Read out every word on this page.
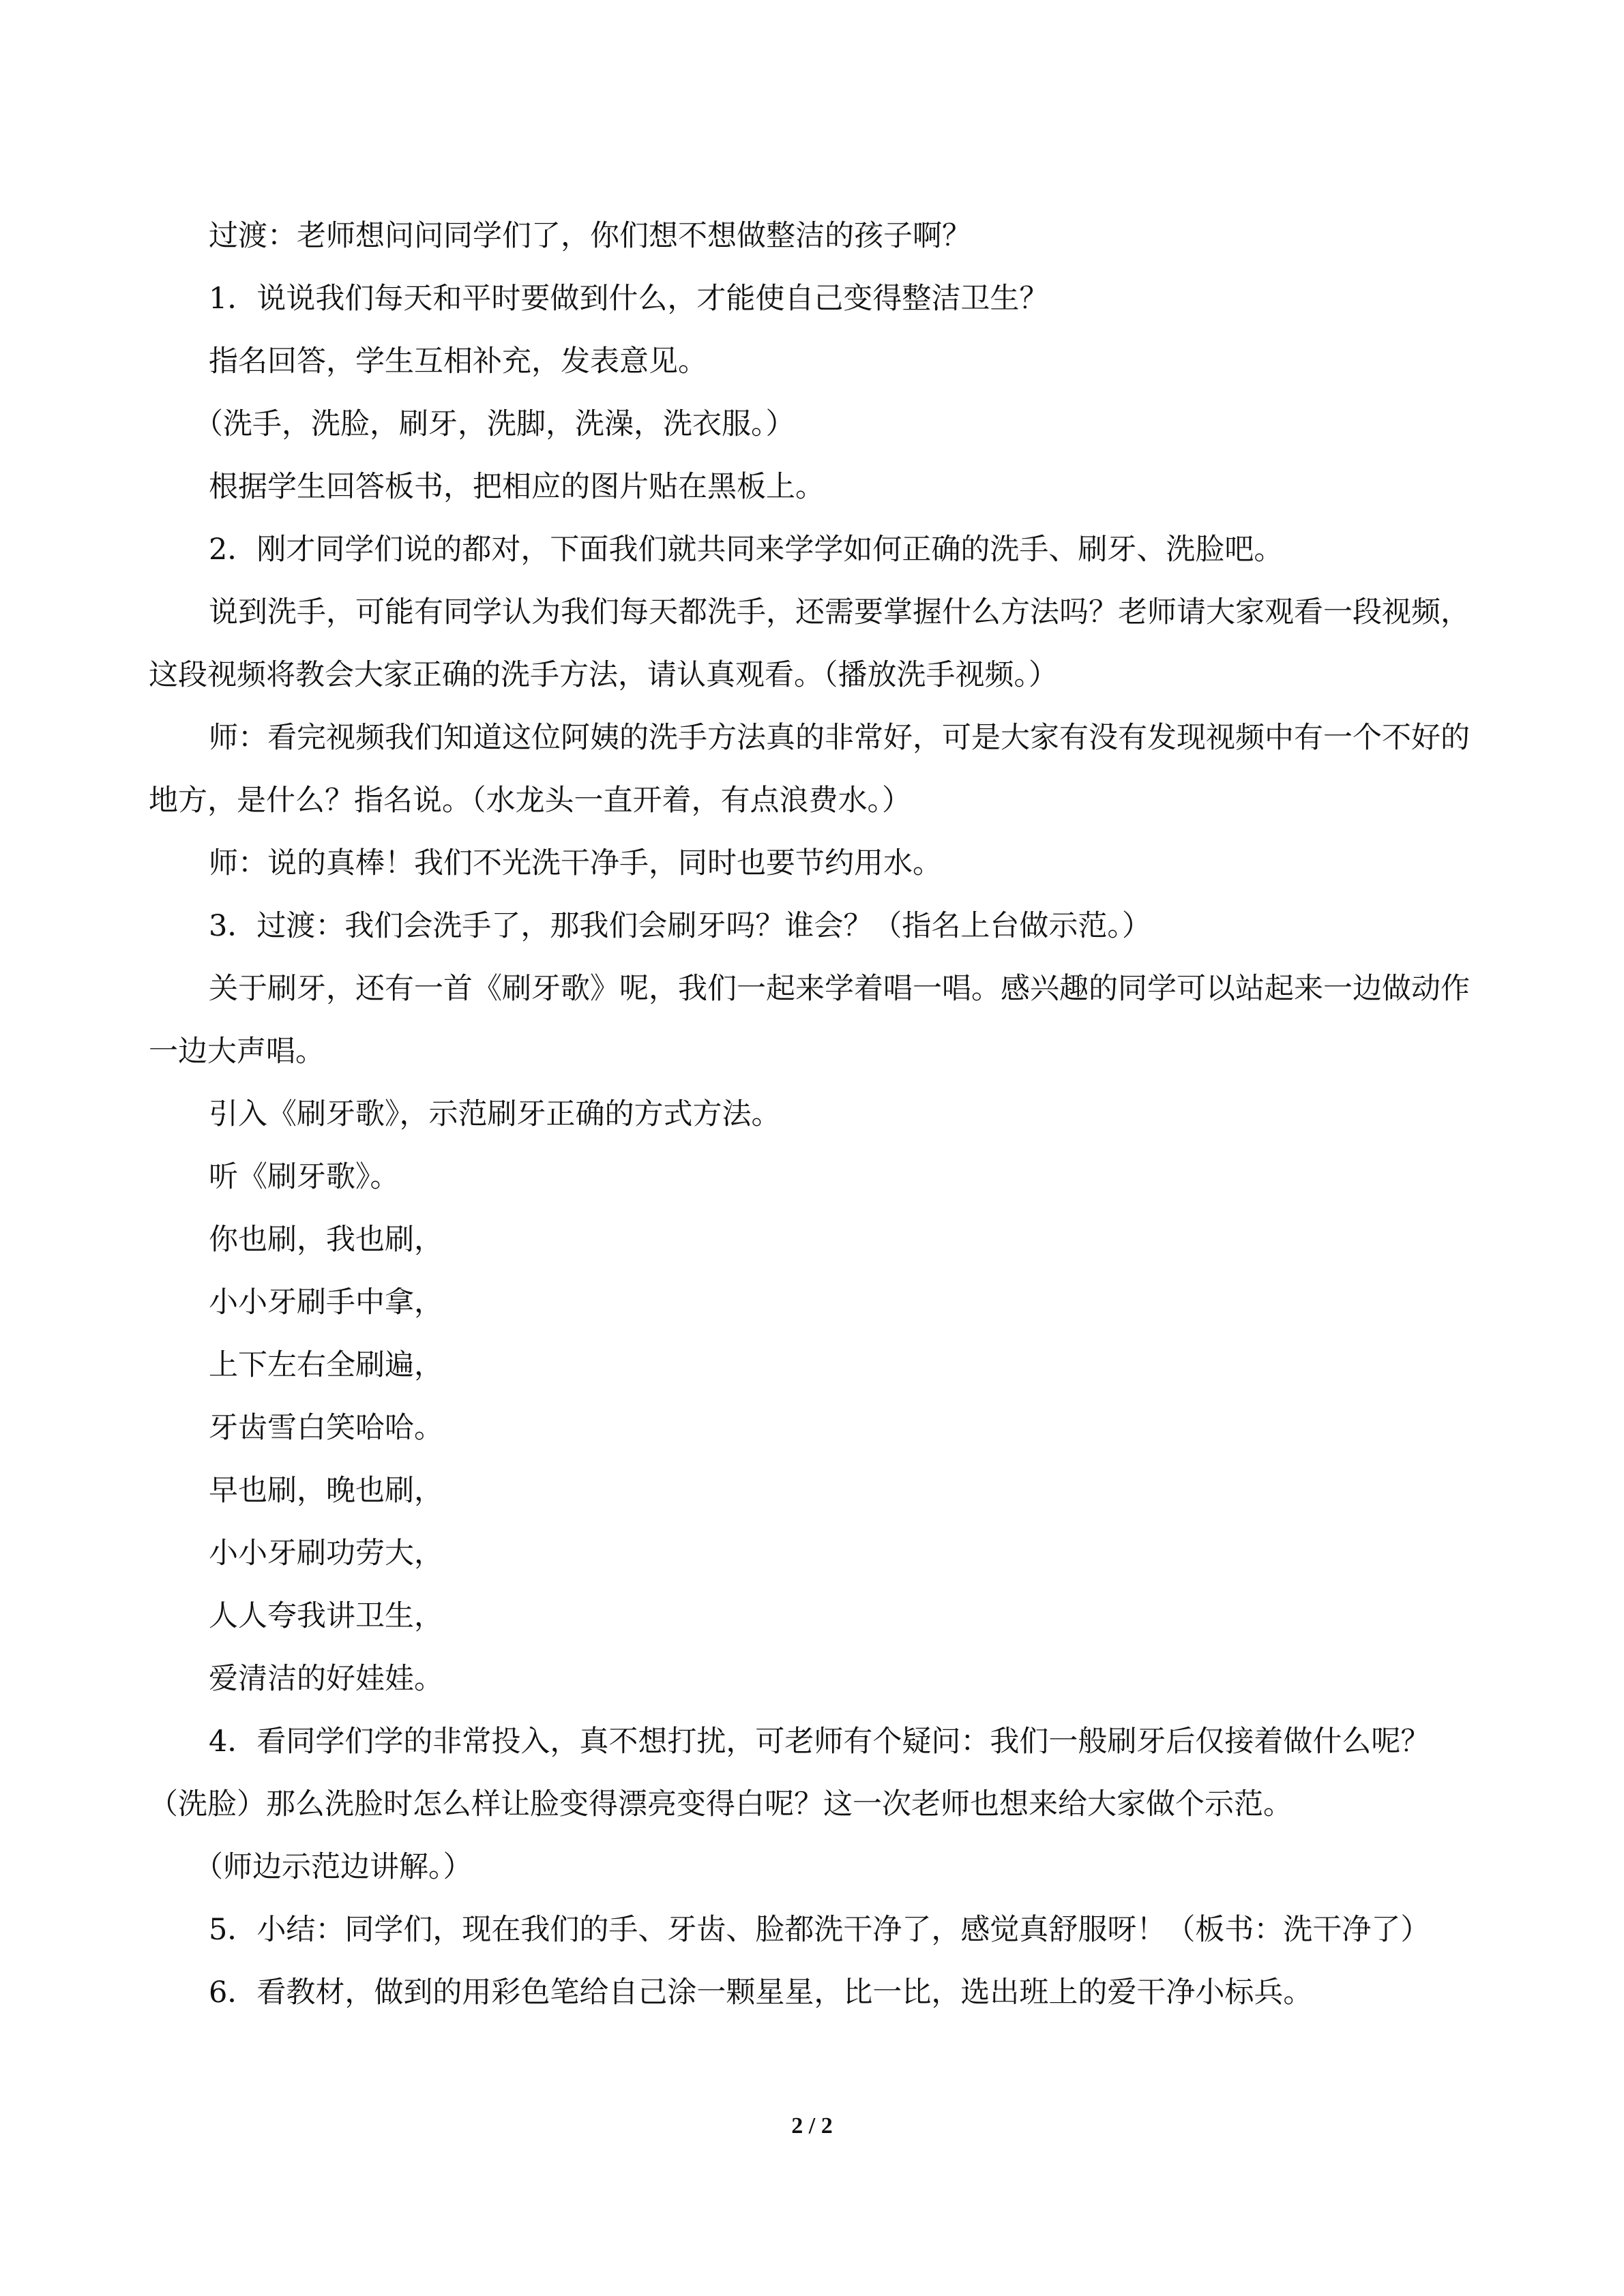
过渡：老师想问问同学们了，你们想不想做整洁的孩子啊？

1．说说我们每天和平时要做到什么，才能使自己变得整洁卫生？

指名回答，学生互相补充，发表意见。

（洗手，洗脸，刷牙，洗脚，洗澡，洗衣服。）

根据学生回答板书，把相应的图片贴在黑板上。

2．刚才同学们说的都对，下面我们就共同来学学如何正确的洗手、刷牙、洗脸吧。

说到洗手，可能有同学认为我们每天都洗手，还需要掌握什么方法吗？老师请大家观看一段视频，这段视频将教会大家正确的洗手方法，请认真观看。（播放洗手视频。）

师：看完视频我们知道这位阿姨的洗手方法真的非常好，可是大家有没有发现视频中有一个不好的地方，是什么？指名说。（水龙头一直开着，有点浪费水。）

师：说的真棒！我们不光洗干净手，同时也要节约用水。

3．过渡：我们会洗手了，那我们会刷牙吗？谁会？（指名上台做示范。）

关于刷牙，还有一首《刷牙歌》呢，我们一起来学着唱一唱。感兴趣的同学可以站起来一边做动作一边大声唱。

引入《刷牙歌》，示范刷牙正确的方式方法。

听《刷牙歌》。

你也刷，我也刷，

小小牙刷手中拿，

上下左右全刷遍，

牙齿雪白笑哈哈。

早也刷，晚也刷，

小小牙刷功劳大，

人人夸我讲卫生，

爱清洁的好娃娃。

4．看同学们学的非常投入，真不想打扰，可老师有个疑问：我们一般刷牙后仅接着做什么呢？（洗脸）那么洗脸时怎么样让脸变得漂亮变得白呢？这一次老师也想来给大家做个示范。

（师边示范边讲解。）

5．小结：同学们，现在我们的手、牙齿、脸都洗干净了，感觉真舒服呀！（板书：洗干净了）

6．看教材，做到的用彩色笔给自己涂一颗星星，比一比，选出班上的爱干净小标兵。

2 / 2
